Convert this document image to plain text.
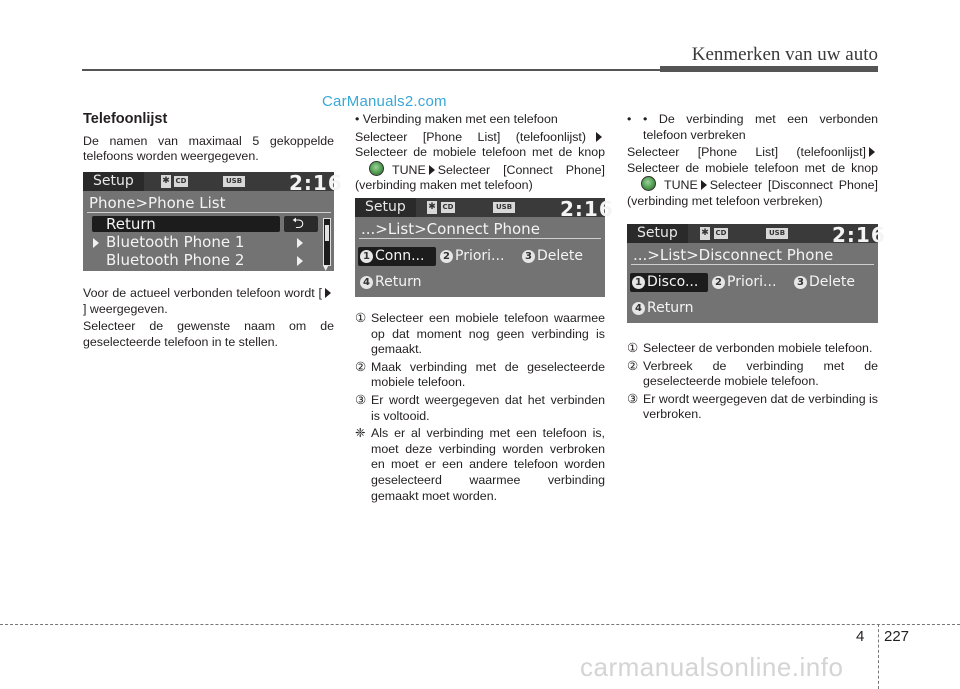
Kenmerken van uw auto
CarManuals2.com

Telefoonlijst

De namen van maximaal 5 gekoppelde telefoons worden weergegeven.

Setup	✱ CD	USB 2:16
Phone>Phone List
Return	⮌
Bluetooth Phone 1
Bluetooth Phone 2	▼

Voor de actueel verbonden telefoon wordt [] weergegeven.

Selecteer de gewenste naam om de geselecteerde telefoon in te stellen.

• Verbinding maken met een telefoon

Selecteer [Phone List] (telefoonlijst) Selecteer de mobiele telefoon met de knopTUNE Selecteer [Connect Phone] (verbinding maken met telefoon)

Setup	✱ CD	USB 2:16
...>List>Connect Phone
1 Conn...	2 Priori...	3 Delete
4 Return

① Selecteer een mobiele telefoon waarmee op dat moment nog geen verbinding is gemaakt.

② Maak verbinding met de geselecteerde mobiele telefoon.

③ Er wordt weergegeven dat het verbinden is voltooid.

❈ Als er al verbinding met een telefoon is, moet deze verbinding worden verbroken en moet er een andere telefoon worden geselecteerd waarmee verbinding gemaakt moet worden.

• • De verbinding met een verbonden telefoon verbreken

Selecteer [Phone List] (telefoonlijst] Selecteer de mobiele telefoon met de knopTUNE Selecteer [Disconnect Phone] (verbinding met telefoon verbreken)

Setup	✱ CD	USB 2:16
...>List>Disconnect Phone
1 Disco...	2 Priori...	3 Delete
4 Return

① Selecteer de verbonden mobiele telefoon.

② Verbreek de verbinding met de geselecteerde mobiele telefoon.

③ Er wordt weergegeven dat de verbinding is verbroken.

4 227
carmanualsonline.info
